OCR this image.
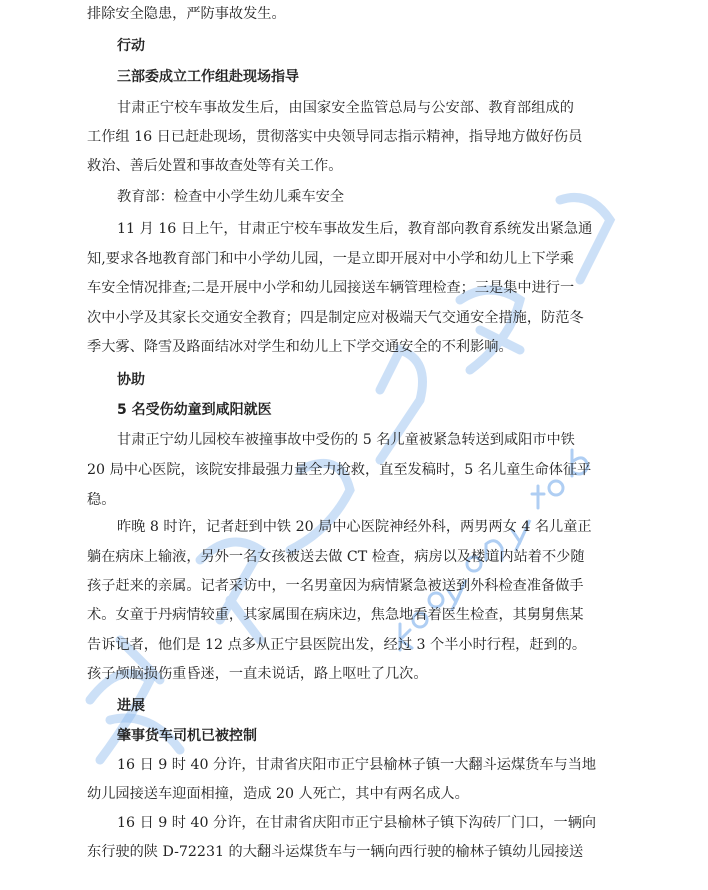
排除安全隐患，严防事故发生。
行动
三部委成立工作组赴现场指导
甘肃正宁校车事故发生后，由国家安全监管总局与公安部、教育部组成的
工作组 16 日已赶赴现场，贯彻落实中央领导同志指示精神，指导地方做好伤员
救治、善后处置和事故查处等有关工作。
教育部：检查中小学生幼儿乘车安全
11 月 16 日上午，甘肃正宁校车事故发生后，教育部向教育系统发出紧急通
知,要求各地教育部门和中小学幼儿园，一是立即开展对中小学和幼儿上下学乘
车安全情况排查;二是开展中小学和幼儿园接送车辆管理检查；三是集中进行一
次中小学及其家长交通安全教育；四是制定应对极端天气交通安全措施，防范冬
季大雾、降雪及路面结冰对学生和幼儿上下学交通安全的不利影响。
协助
5 名受伤幼童到咸阳就医
甘肃正宁幼儿园校车被撞事故中受伤的 5 名儿童被紧急转送到咸阳市中铁
20 局中心医院，该院安排最强力量全力抢救，直至发稿时，5 名儿童生命体征平
稳。
昨晚 8 时许，记者赶到中铁 20 局中心医院神经外科，两男两女 4 名儿童正
躺在病床上输液，另外一名女孩被送去做 CT 检查，病房以及楼道内站着不少随
孩子赶来的亲属。记者采访中，一名男童因为病情紧急被送到外科检查准备做手
术。女童于丹病情较重，其家属围在病床边，焦急地看着医生检查，其舅舅焦某
告诉记者，他们是 12 点多从正宁县医院出发，经过 3 个半小时行程，赶到的。
孩子颅脑损伤重昏迷，一直未说话，路上呕吐了几次。
进展
肇事货车司机已被控制
16 日 9 时 40 分许，甘肃省庆阳市正宁县榆林子镇一大翻斗运煤货车与当地
幼儿园接送车迎面相撞，造成 20 人死亡，其中有两名成人。
16 日 9 时 40 分许，在甘肃省庆阳市正宁县榆林子镇下沟砖厂门口，一辆向
东行驶的陕 D-72231 的大翻斗运煤货车与一辆向西行驶的榆林子镇幼儿园接送
